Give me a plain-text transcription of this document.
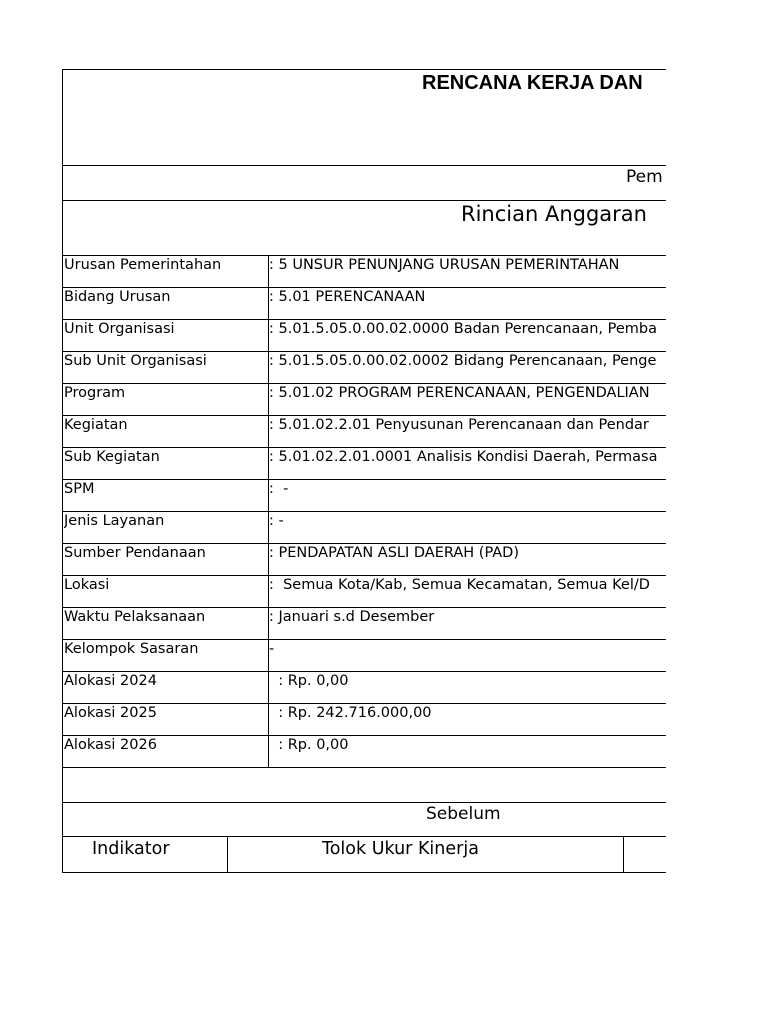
RENCANA KERJA DAN
Pem
Rincian Anggaran
Urusan Pemerintahan	: 5 UNSUR PENUNJANG URUSAN PEMERINTAHAN
Bidang Urusan	: 5.01 PERENCANAAN
Unit Organisasi	: 5.01.5.05.0.00.02.0000 Badan Perencanaan, Pemba
Sub Unit Organisasi	: 5.01.5.05.0.00.02.0002 Bidang Perencanaan, Penge
Program	: 5.01.02 PROGRAM PERENCANAAN, PENGENDALIAN
Kegiatan	: 5.01.02.2.01 Penyusunan Perencanaan dan Pendar
Sub Kegiatan	: 5.01.02.2.01.0001 Analisis Kondisi Daerah, Permasa
SPM	:  -
Jenis Layanan	: -
Sumber Pendanaan	: PENDAPATAN ASLI DAERAH (PAD)
Lokasi	:  Semua Kota/Kab, Semua Kecamatan, Semua Kel/D
Waktu Pelaksanaan	: Januari s.d Desember
Kelompok Sasaran	-
Alokasi 2024	: Rp. 0,00
Alokasi 2025	: Rp. 242.716.000,00
Alokasi 2026	: Rp. 0,00
Sebelum
Indikator	Tolok Ukur Kinerja
